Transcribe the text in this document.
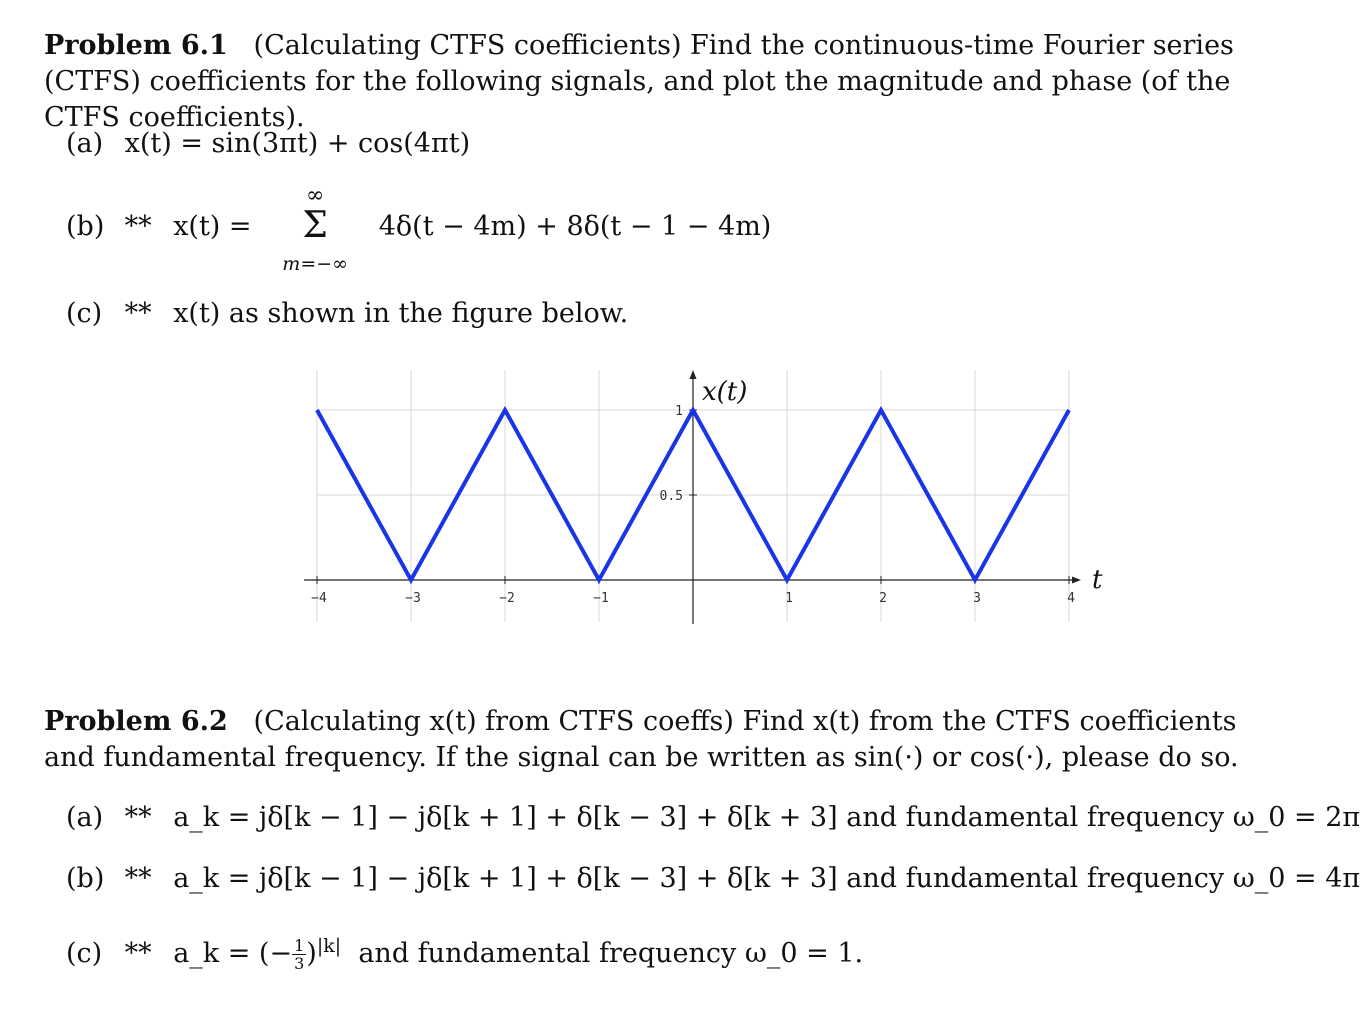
Problem 6.1 (Calculating CTFS coefficients) Find the continuous-time Fourier series (CTFS) coefficients for the following signals, and plot the magnitude and phase (of the CTFS coefficients).
(a) x(t) = sin(3πt) + cos(4πt)
(b) ** x(t) =
∞
Σ
m=−∞
4δ(t − 4m) + 8δ(t − 1 − 4m)
(c) ** x(t) as shown in the figure below.
−4	−3	−2	−1	1	2	3	4
0.5
1
x(t)
t
Problem 6.2 (Calculating x(t) from CTFS coeffs) Find x(t) from the CTFS coefficients and fundamental frequency. If the signal can be written as sin(·) or cos(·), please do so.
(a) ** a_k = jδ[k − 1] − jδ[k + 1] + δ[k − 3] + δ[k + 3] and fundamental frequency ω_0 = 2π
(b) ** a_k = jδ[k − 1] − jδ[k + 1] + δ[k − 3] + δ[k + 3] and fundamental frequency ω_0 = 4π
(c) ** a_k = (− $\frac{1}{3} )^{|k|}$ and fundamental frequency ω_0 = 1.
